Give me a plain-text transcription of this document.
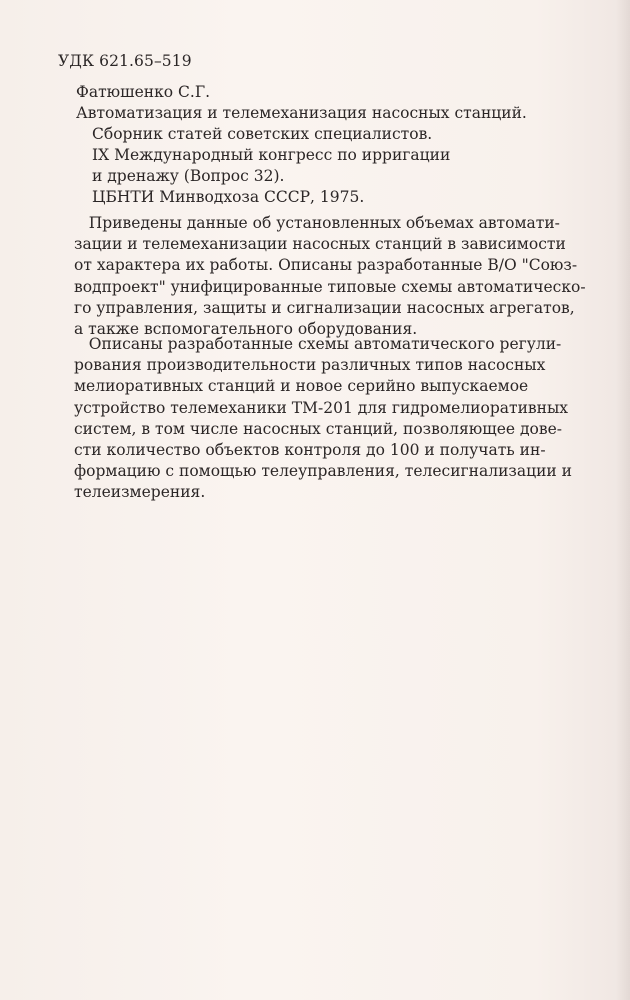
УДК 621.65–519
Фатюшенко С.Г.
Автоматизация и телемеханизация насосных станций.
Сборник статей советских специалистов.
IX Международный конгресс по ирригации
и дренажу (Вопрос 32).
ЦБНТИ Минводхоза СССР, 1975.
Приведены данные об установленных объемах автомати-
зации и телемеханизации насосных станций в зависимости
от характера их работы. Описаны разработанные В/О "Союз-
водпроект" унифицированные типовые схемы автоматическо-
го управления, защиты и сигнализации насосных агрегатов,
а также вспомогательного оборудования.
Описаны разработанные схемы автоматического регули-
рования производительности различных типов насосных
мелиоративных станций и новое серийно выпускаемое
устройство телемеханики ТМ-201 для гидромелиоративных
систем, в том числе насосных станций, позволяющее дове-
сти количество объектов контроля до 100 и получать ин-
формацию с помощью телеуправления, телесигнализации и
телеизмерения.
